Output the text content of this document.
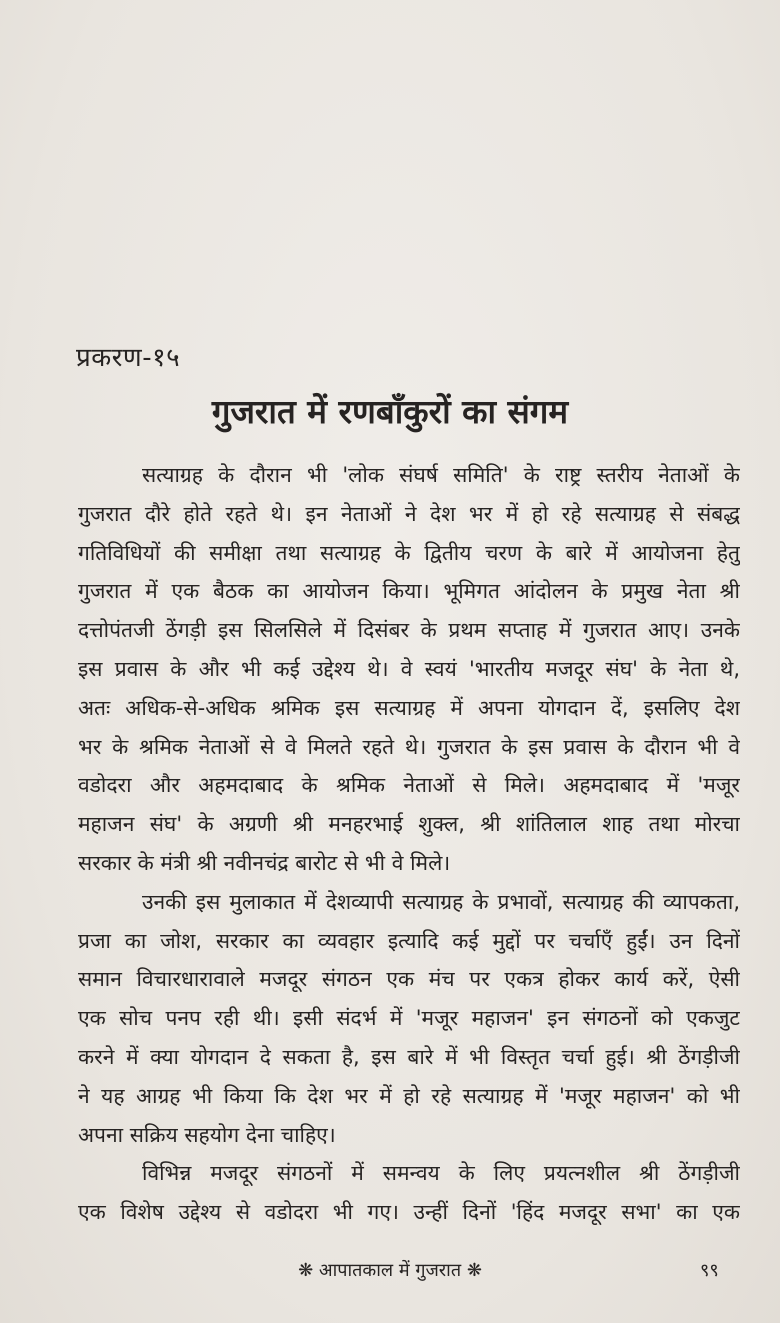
प्रकरण-१५
गुजरात में रणबाँकुरों का संगम
सत्याग्रह के दौरान भी 'लोक संघर्ष समिति' के राष्ट्र स्तरीय नेताओं के
गुजरात दौरे होते रहते थे। इन नेताओं ने देश भर में हो रहे सत्याग्रह से संबद्ध
गतिविधियों की समीक्षा तथा सत्याग्रह के द्वितीय चरण के बारे में आयोजना हेतु
गुजरात में एक बैठक का आयोजन किया। भूमिगत आंदोलन के प्रमुख नेता श्री
दत्तोपंतजी ठेंगड़ी इस सिलसिले में दिसंबर के प्रथम सप्ताह में गुजरात आए। उनके
इस प्रवास के और भी कई उद्देश्य थे। वे स्वयं 'भारतीय मजदूर संघ' के नेता थे,
अतः अधिक-से-अधिक श्रमिक इस सत्याग्रह में अपना योगदान दें, इसलिए देश
भर के श्रमिक नेताओं से वे मिलते रहते थे। गुजरात के इस प्रवास के दौरान भी वे
वडोदरा और अहमदाबाद के श्रमिक नेताओं से मिले। अहमदाबाद में 'मजूर
महाजन संघ' के अग्रणी श्री मनहरभाई शुक्ल, श्री शांतिलाल शाह तथा मोरचा
सरकार के मंत्री श्री नवीनचंद्र बारोट से भी वे मिले।
उनकी इस मुलाकात में देशव्यापी सत्याग्रह के प्रभावों, सत्याग्रह की व्यापकता,
प्रजा का जोश, सरकार का व्यवहार इत्यादि कई मुद्दों पर चर्चाएँ हुईं। उन दिनों
समान विचारधारावाले मजदूर संगठन एक मंच पर एकत्र होकर कार्य करें, ऐसी
एक सोच पनप रही थी। इसी संदर्भ में 'मजूर महाजन' इन संगठनों को एकजुट
करने में क्या योगदान दे सकता है, इस बारे में भी विस्तृत चर्चा हुई। श्री ठेंगड़ीजी
ने यह आग्रह भी किया कि देश भर में हो रहे सत्याग्रह में 'मजूर महाजन' को भी
अपना सक्रिय सहयोग देना चाहिए।
विभिन्न मजदूर संगठनों में समन्वय के लिए प्रयत्नशील श्री ठेंगड़ीजी
एक विशेष उद्देश्य से वडोदरा भी गए। उन्हीं दिनों 'हिंद मजदूर सभा' का एक
❋ आपातकाल में गुजरात ❋	९९
